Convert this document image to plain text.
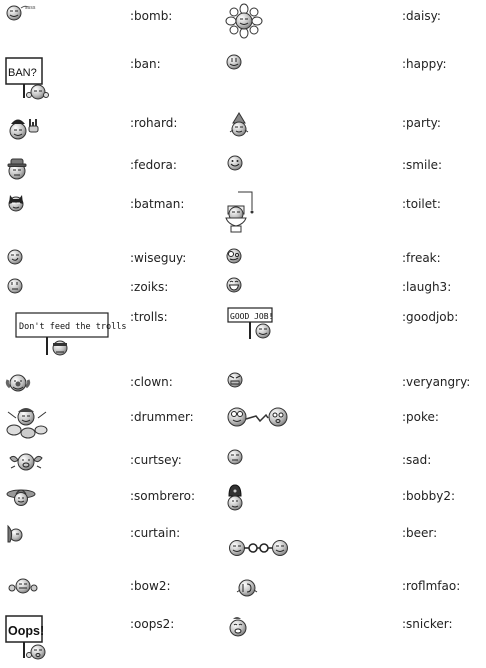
ssss
BAN?
Don't feed the trolls
Oops!
GOOD JOB!
:bomb:
:ban:
:rohard:
:fedora:
:batman:
:wiseguy:
:zoiks:
:trolls:
:clown:
:drummer:
:curtsey:
:sombrero:
:curtain:
:bow2:
:oops2:
:daisy:
:happy:
:party:
:smile:
:toilet:
:freak:
:laugh3:
:goodjob:
:veryangry:
:poke:
:sad:
:bobby2:
:beer:
:roflmfao:
:snicker:
